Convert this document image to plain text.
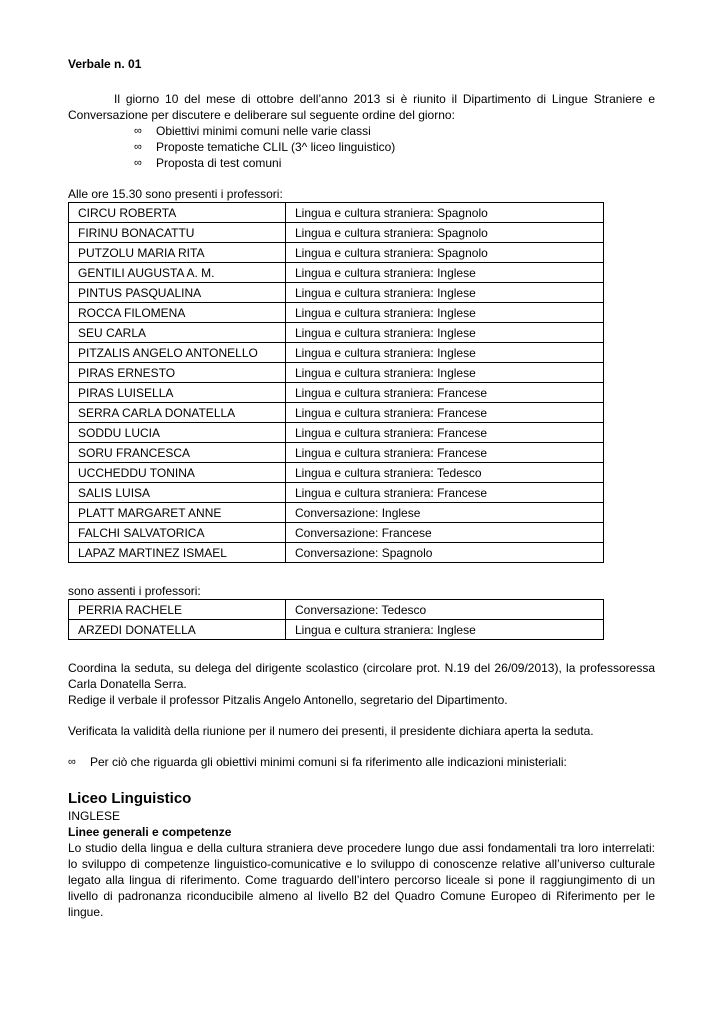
Verbale n. 01

Il giorno 10 del mese di ottobre dell’anno 2013 si è riunito il Dipartimento di Lingue Straniere e Conversazione per discutere e deliberare sul seguente ordine del giorno:

∞	Obiettivi minimi comuni nelle varie classi
∞	Proposte tematiche CLIL (3^ liceo linguistico)
∞	Proposta di test comuni

Alle ore 15.30 sono presenti i professori:

CIRCU ROBERTA	Lingua e cultura straniera: Spagnolo
FIRINU BONACATTU	Lingua e cultura straniera: Spagnolo
PUTZOLU MARIA RITA	Lingua e cultura straniera: Spagnolo
GENTILI AUGUSTA A. M.	Lingua e cultura straniera: Inglese
PINTUS PASQUALINA	Lingua e cultura straniera: Inglese
ROCCA FILOMENA	Lingua e cultura straniera: Inglese
SEU CARLA	Lingua e cultura straniera: Inglese
PITZALIS ANGELO ANTONELLO	Lingua e cultura straniera: Inglese
PIRAS ERNESTO	Lingua e cultura straniera: Inglese
PIRAS LUISELLA	Lingua e cultura straniera: Francese
SERRA CARLA DONATELLA	Lingua e cultura straniera: Francese
SODDU LUCIA	Lingua e cultura straniera: Francese
SORU FRANCESCA	Lingua e cultura straniera: Francese
UCCHEDDU TONINA	Lingua e cultura straniera: Tedesco
SALIS LUISA	Lingua e cultura straniera: Francese
PLATT MARGARET ANNE	Conversazione: Inglese
FALCHI SALVATORICA	Conversazione: Francese
LAPAZ MARTINEZ ISMAEL	Conversazione: Spagnolo

sono assenti i professori:

PERRIA RACHELE	Conversazione: Tedesco
ARZEDI DONATELLA	Lingua e cultura straniera: Inglese

Coordina la seduta, su delega del dirigente scolastico (circolare prot. N.19 del 26/09/2013), la professoressa Carla Donatella Serra.

Redige il verbale il professor Pitzalis Angelo Antonello, segretario del Dipartimento.

Verificata la validità della riunione per il numero dei presenti, il presidente dichiara aperta la seduta.

∞	Per ciò che riguarda gli obiettivi minimi comuni si fa riferimento alle indicazioni ministeriali:
Liceo Linguistico
INGLESE
Linee generali e competenze

Lo studio della lingua e della cultura straniera deve procedere lungo due assi fondamentali tra loro interrelati: lo sviluppo di competenze linguistico-comunicative e lo sviluppo di conoscenze relative all’universo culturale legato alla lingua di riferimento. Come traguardo dell’intero percorso liceale si pone il raggiungimento di un livello di padronanza riconducibile almeno al livello B2 del Quadro Comune Europeo di Riferimento per le lingue.
